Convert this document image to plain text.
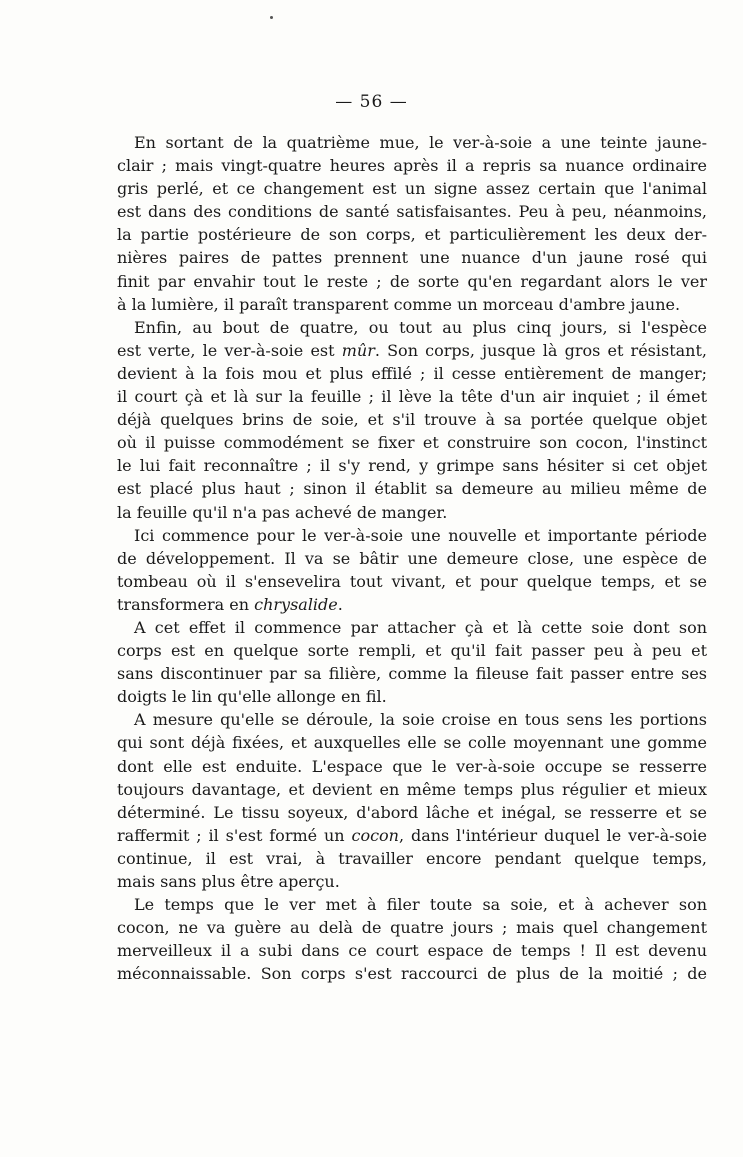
— 56 —
En sortant de la quatrième mue, le ver-à-soie a une teinte jaune-
clair ; mais vingt-quatre heures après il a repris sa nuance ordinaire
gris perlé, et ce changement est un signe assez certain que l'animal
est dans des conditions de santé satisfaisantes. Peu à peu, néanmoins,
la partie postérieure de son corps, et particulièrement les deux der-
nières paires de pattes prennent une nuance d'un jaune rosé qui
finit par envahir tout le reste ; de sorte qu'en regardant alors le ver
à la lumière, il paraît transparent comme un morceau d'ambre jaune.
Enfin, au bout de quatre, ou tout au plus cinq jours, si l'espèce
est verte, le ver-à-soie est mûr. Son corps, jusque là gros et résistant,
devient à la fois mou et plus effilé ; il cesse entièrement de manger;
il court çà et là sur la feuille ; il lève la tête d'un air inquiet ; il émet
déjà quelques brins de soie, et s'il trouve à sa portée quelque objet
où il puisse commodément se fixer et construire son cocon, l'instinct
le lui fait reconnaître ; il s'y rend, y grimpe sans hésiter si cet objet
est placé plus haut ; sinon il établit sa demeure au milieu même de
la feuille qu'il n'a pas achevé de manger.
Ici commence pour le ver-à-soie une nouvelle et importante période
de développement. Il va se bâtir une demeure close, une espèce de
tombeau où il s'ensevelira tout vivant, et pour quelque temps, et se
transformera en chrysalide.
A cet effet il commence par attacher çà et là cette soie dont son
corps est en quelque sorte rempli, et qu'il fait passer peu à peu et
sans discontinuer par sa filière, comme la fileuse fait passer entre ses
doigts le lin qu'elle allonge en fil.
A mesure qu'elle se déroule, la soie croise en tous sens les portions
qui sont déjà fixées, et auxquelles elle se colle moyennant une gomme
dont elle est enduite. L'espace que le ver-à-soie occupe se resserre
toujours davantage, et devient en même temps plus régulier et mieux
déterminé. Le tissu soyeux, d'abord lâche et inégal, se resserre et se
raffermit ; il s'est formé un cocon, dans l'intérieur duquel le ver-à-soie
continue, il est vrai, à travailler encore pendant quelque temps,
mais sans plus être aperçu.
Le temps que le ver met à filer toute sa soie, et à achever son
cocon, ne va guère au delà de quatre jours ; mais quel changement
merveilleux il a subi dans ce court espace de temps ! Il est devenu
méconnaissable. Son corps s'est raccourci de plus de la moitié ; de
